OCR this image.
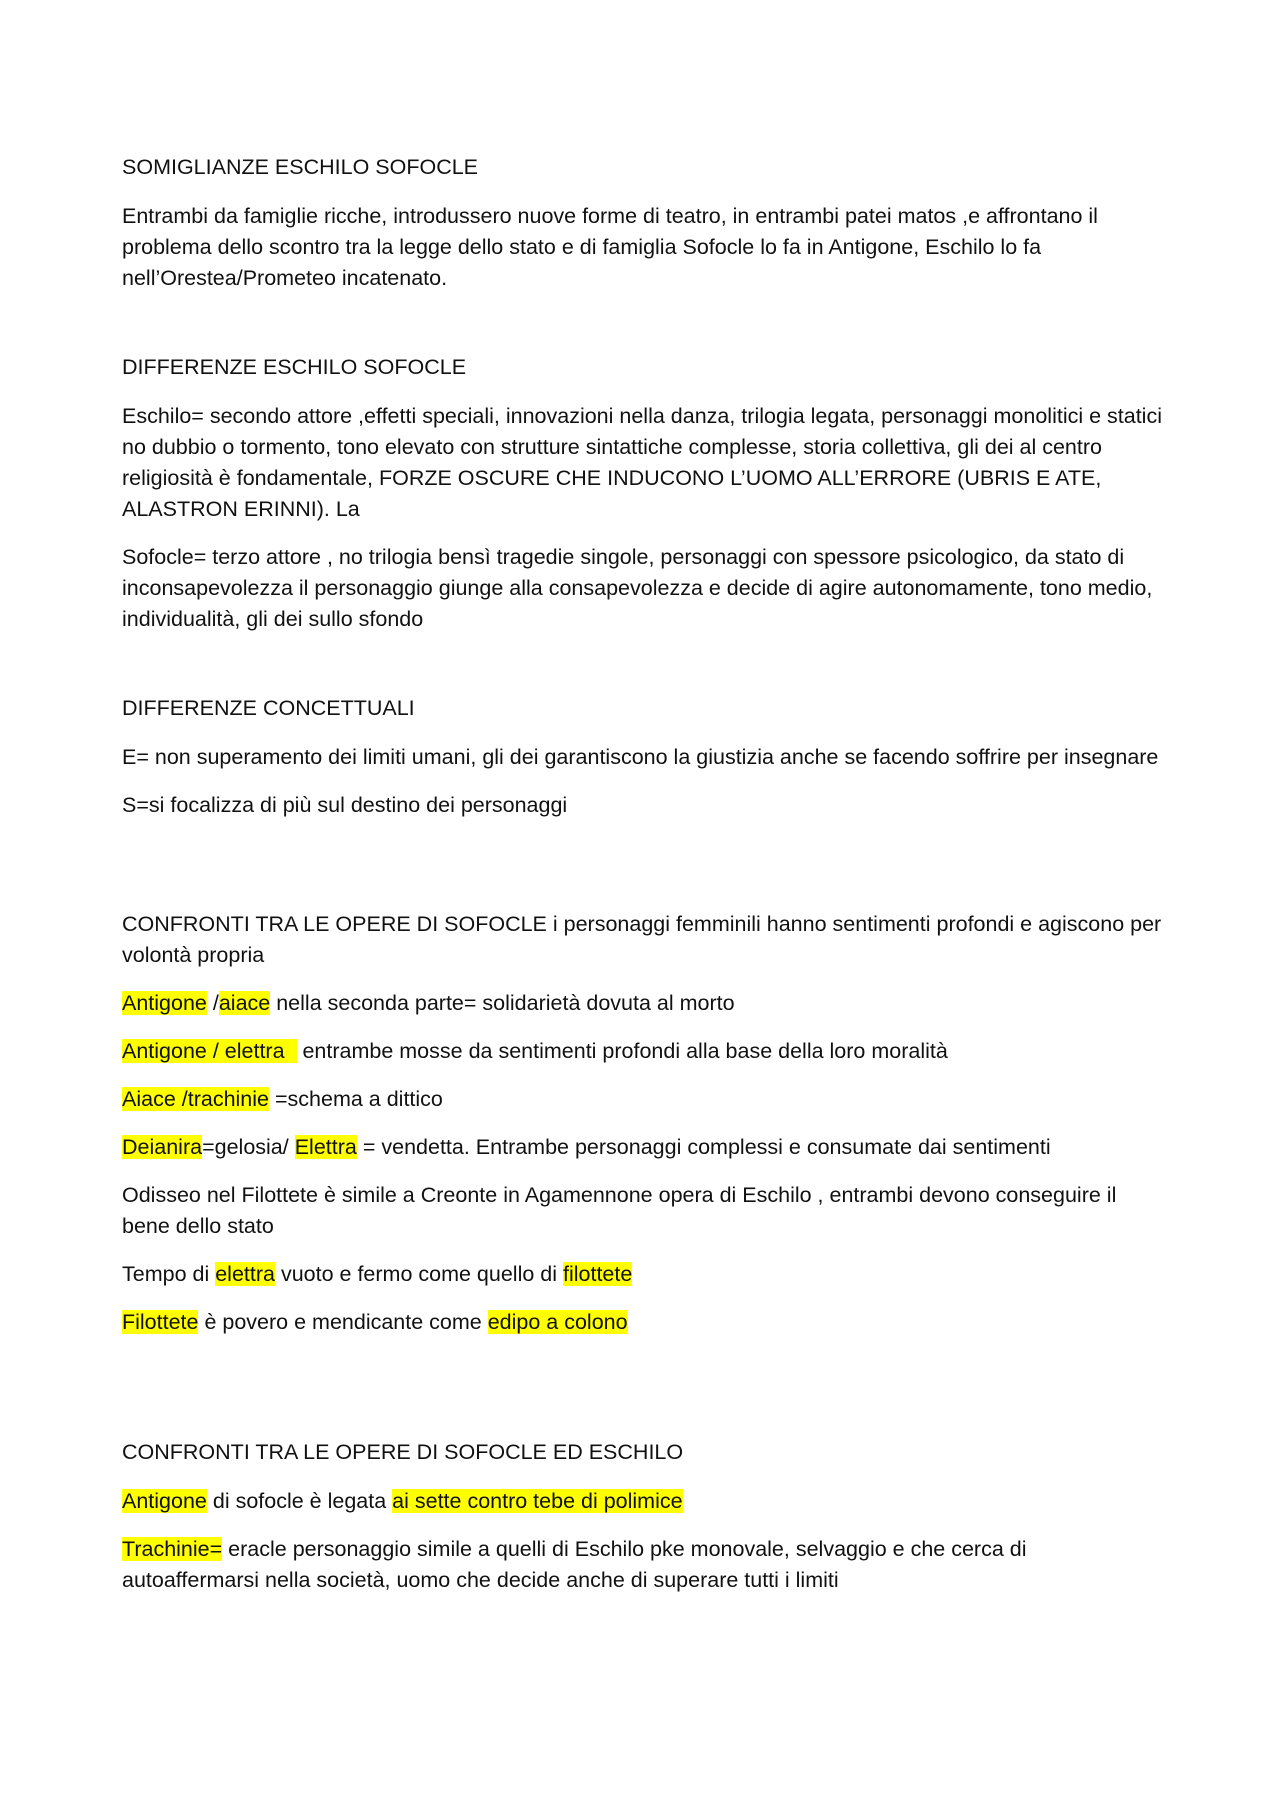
SOMIGLIANZE ESCHILO SOFOCLE

Entrambi da famiglie ricche, introdussero nuove forme di teatro, in entrambi patei matos ,e affrontano il problema dello scontro tra la legge dello stato e di famiglia Sofocle lo fa in Antigone, Eschilo lo fa nell’Orestea/Prometeo incatenato.

DIFFERENZE ESCHILO SOFOCLE

Eschilo= secondo attore ,effetti speciali, innovazioni nella danza, trilogia legata, personaggi monolitici e statici no dubbio o tormento, tono elevato con strutture sintattiche complesse, storia collettiva, gli dei al centro religiosità è fondamentale, FORZE OSCURE CHE INDUCONO L’UOMO ALL’ERRORE (UBRIS E ATE, ALASTRON ERINNI). La

Sofocle= terzo attore , no trilogia bensì tragedie singole, personaggi con spessore psicologico, da stato di inconsapevolezza il personaggio giunge alla consapevolezza e decide di agire autonomamente, tono medio, individualità, gli dei sullo sfondo

DIFFERENZE CONCETTUALI

E= non superamento dei limiti umani, gli dei garantiscono la giustizia anche se facendo soffrire per insegnare

S=si focalizza di più sul destino dei personaggi

CONFRONTI TRA LE OPERE DI SOFOCLE i personaggi femminili hanno sentimenti profondi e agiscono per volontà propria

Antigone /aiace nella seconda parte= solidarietà dovuta al morto

Antigone / elettra   entrambe mosse da sentimenti profondi alla base della loro moralità

Aiace /trachinie =schema a dittico

Deianira=gelosia/ Elettra = vendetta. Entrambe personaggi complessi e consumate dai sentimenti

Odisseo nel Filottete è simile a Creonte in Agamennone opera di Eschilo , entrambi devono conseguire il bene dello stato

Tempo di elettra vuoto e fermo come quello di filottete

Filottete è povero e mendicante come edipo a colono

CONFRONTI TRA LE OPERE DI SOFOCLE ED ESCHILO

Antigone di sofocle è legata ai sette contro tebe di polimice

Trachinie= eracle personaggio simile a quelli di Eschilo pke monovale, selvaggio e che cerca di autoaffermarsi nella società, uomo che decide anche di superare tutti i limiti
